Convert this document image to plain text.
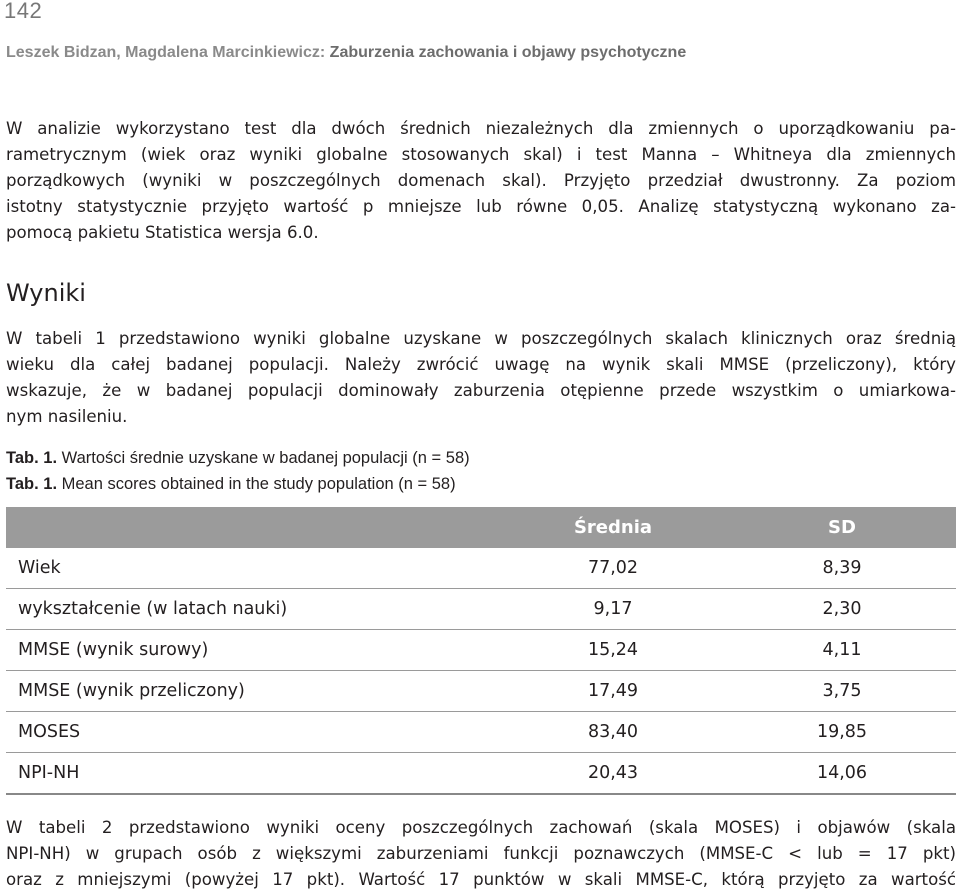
142
Leszek Bidzan, Magdalena Marcinkiewicz: Zaburzenia zachowania i objawy psychotyczne
W analizie wykorzystano test dla dwóch średnich niezależnych dla zmiennych o uporządkowaniu pa-
rametrycznym (wiek oraz wyniki globalne stosowanych skal) i test Manna – Whitneya dla zmiennych
porządkowych (wyniki w poszczególnych domenach skal). Przyjęto przedział dwustronny. Za poziom
istotny statystycznie przyjęto wartość p mniejsze lub równe 0,05. Analizę statystyczną wykonano za-
pomocą pakietu Statistica wersja 6.0.
Wyniki
W tabeli 1 przedstawiono wyniki globalne uzyskane w poszczególnych skalach klinicznych oraz średnią
wieku dla całej badanej populacji. Należy zwrócić uwagę na wynik skali MMSE (przeliczony), który
wskazuje, że w badanej populacji dominowały zaburzenia otępienne przede wszystkim o umiarkowa-
nym nasileniu.
Tab. 1. Wartości średnie uzyskane w badanej populacji (n = 58)
Tab. 1. Mean scores obtained in the study population (n = 58)
	Średnia	SD
Wiek	77,02	8,39
wykształcenie (w latach nauki)	9,17	2,30
MMSE (wynik surowy)	15,24	4,11
MMSE (wynik przeliczony)	17,49	3,75
MOSES	83,40	19,85
NPI-NH	20,43	14,06
W tabeli 2 przedstawiono wyniki oceny poszczególnych zachowań (skala MOSES) i objawów (skala
NPI-NH) w grupach osób z większymi zaburzeniami funkcji poznawczych (MMSE-C < lub = 17 pkt)
oraz z mniejszymi (powyżej 17 pkt). Wartość 17 punktów w skali MMSE-C, którą przyjęto za wartość
